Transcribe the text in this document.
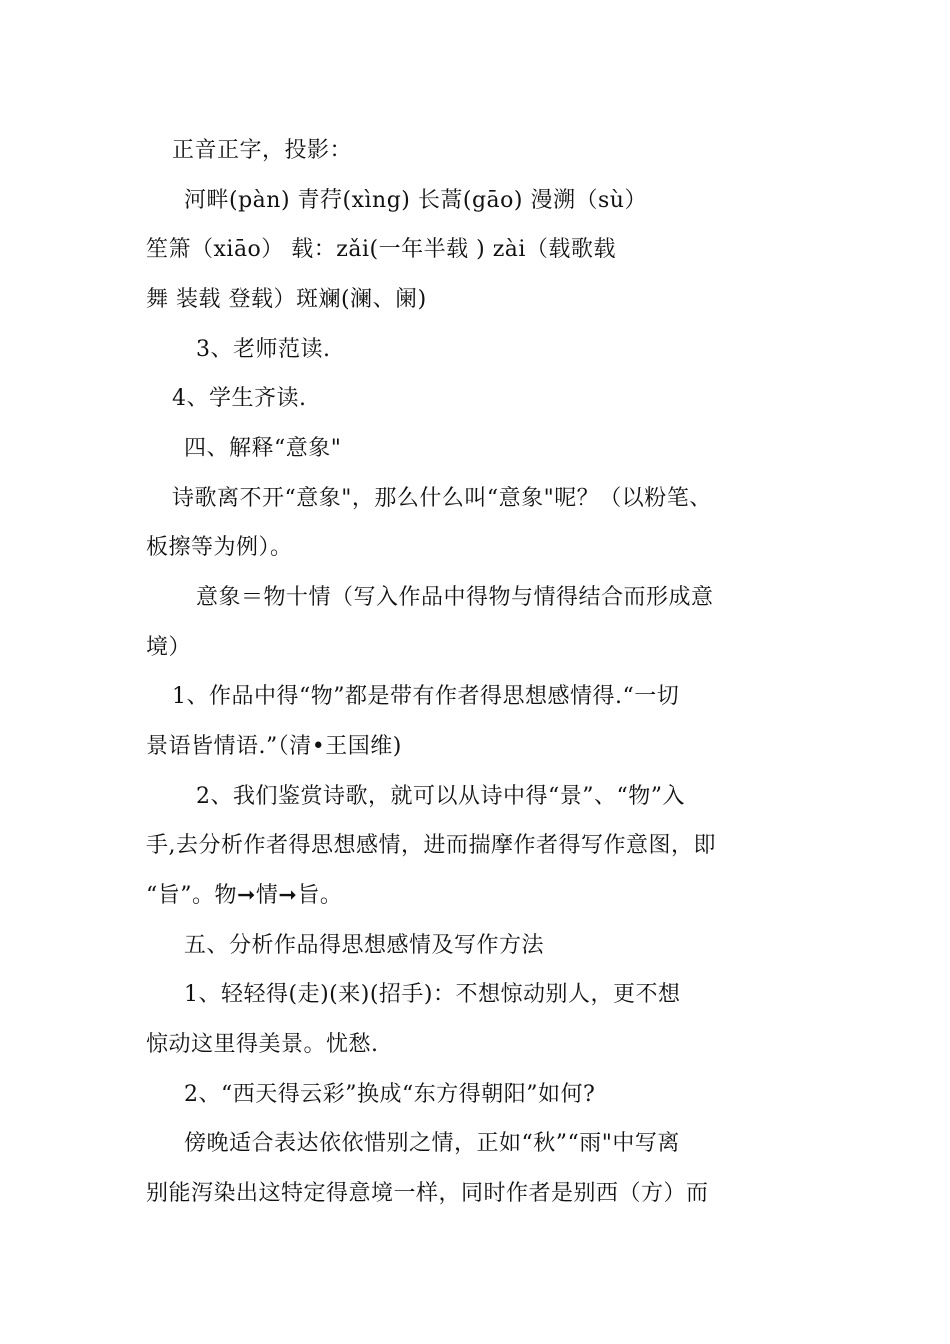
正音正字，投影：
河畔(pàn) 青荇(xìng) 长蒿(gāo) 漫溯（sù）
笙箫（xiāo） 载：zǎi(一年半载 ) zài（载歌载
舞 装载 登载）斑斓(澜、阑)
3、老师范读.
4、学生齐读.
四、解释“意象"
诗歌离不开“意象"，那么什么叫“意象"呢？（以粉笔、
板擦等为例）。
意象＝物十情（写入作品中得物与情得结合而形成意
境）
1、作品中得“物”都是带有作者得思想感情得.“一切
景语皆情语.”（清•王国维)
2、我们鉴赏诗歌，就可以从诗中得“景”、“物”入
手,去分析作者得思想感情，进而揣摩作者得写作意图，即
“旨”。物➞情➞旨。
五、分析作品得思想感情及写作方法
1、轻轻得(走)(来)(招手)：不想惊动别人，更不想
惊动这里得美景。忧愁.
2、“西天得云彩”换成“东方得朝阳”如何?
傍晚适合表达依依惜别之情，正如“秋”“雨"中写离
别能泻染出这特定得意境一样，同时作者是别西（方）而
